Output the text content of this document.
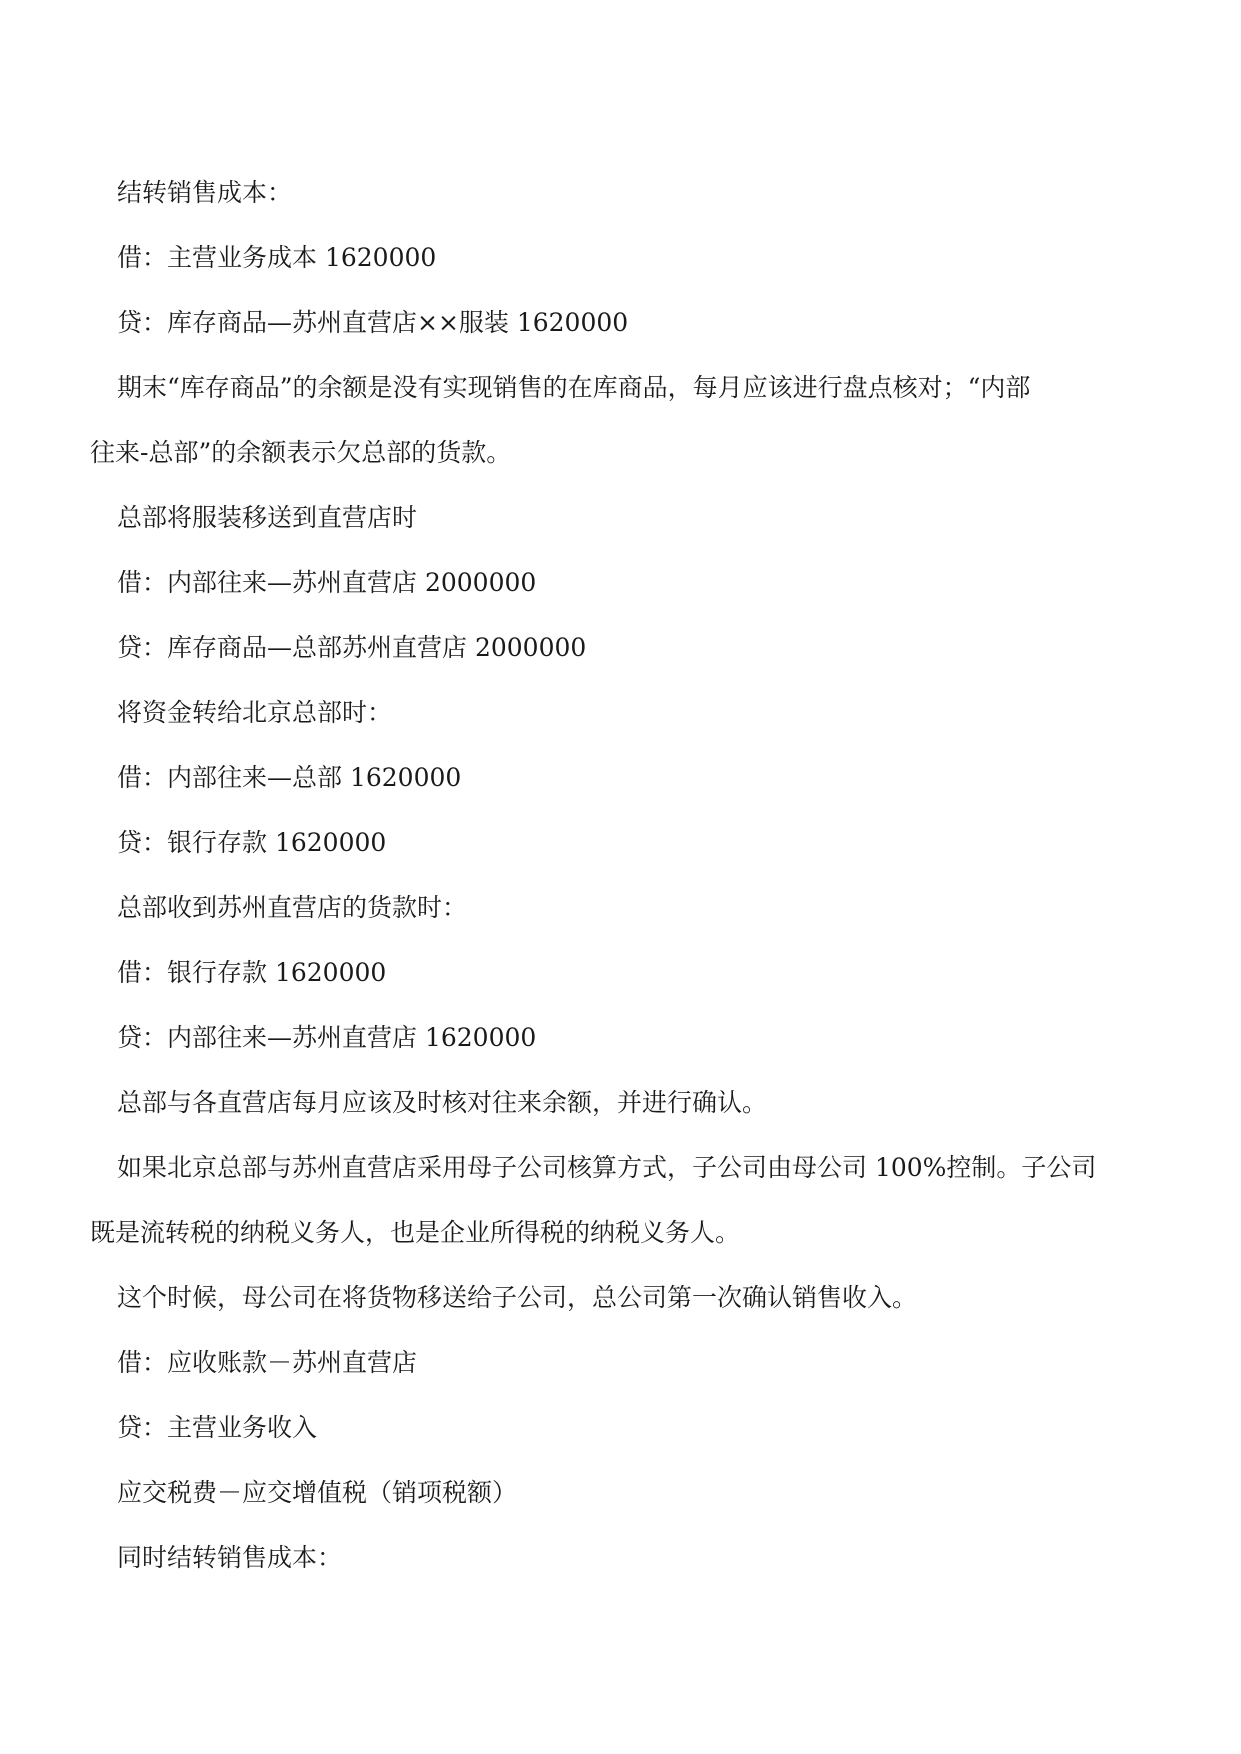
结转销售成本：

借：主营业务成本 1620000

贷：库存商品—苏州直营店××服装 1620000

期末“库存商品”的余额是没有实现销售的在库商品，每月应该进行盘点核对；“内部

往来-总部”的余额表示欠总部的货款。

总部将服装移送到直营店时

借：内部往来—苏州直营店 2000000

贷：库存商品—总部苏州直营店 2000000

将资金转给北京总部时：

借：内部往来—总部 1620000

贷：银行存款 1620000

总部收到苏州直营店的货款时：

借：银行存款 1620000

贷：内部往来—苏州直营店 1620000

总部与各直营店每月应该及时核对往来余额，并进行确认。

如果北京总部与苏州直营店采用母子公司核算方式，子公司由母公司 100%控制。子公司

既是流转税的纳税义务人，也是企业所得税的纳税义务人。

这个时候，母公司在将货物移送给子公司，总公司第一次确认销售收入。

借：应收账款－苏州直营店

贷：主营业务收入

应交税费－应交增值税（销项税额）

同时结转销售成本：
